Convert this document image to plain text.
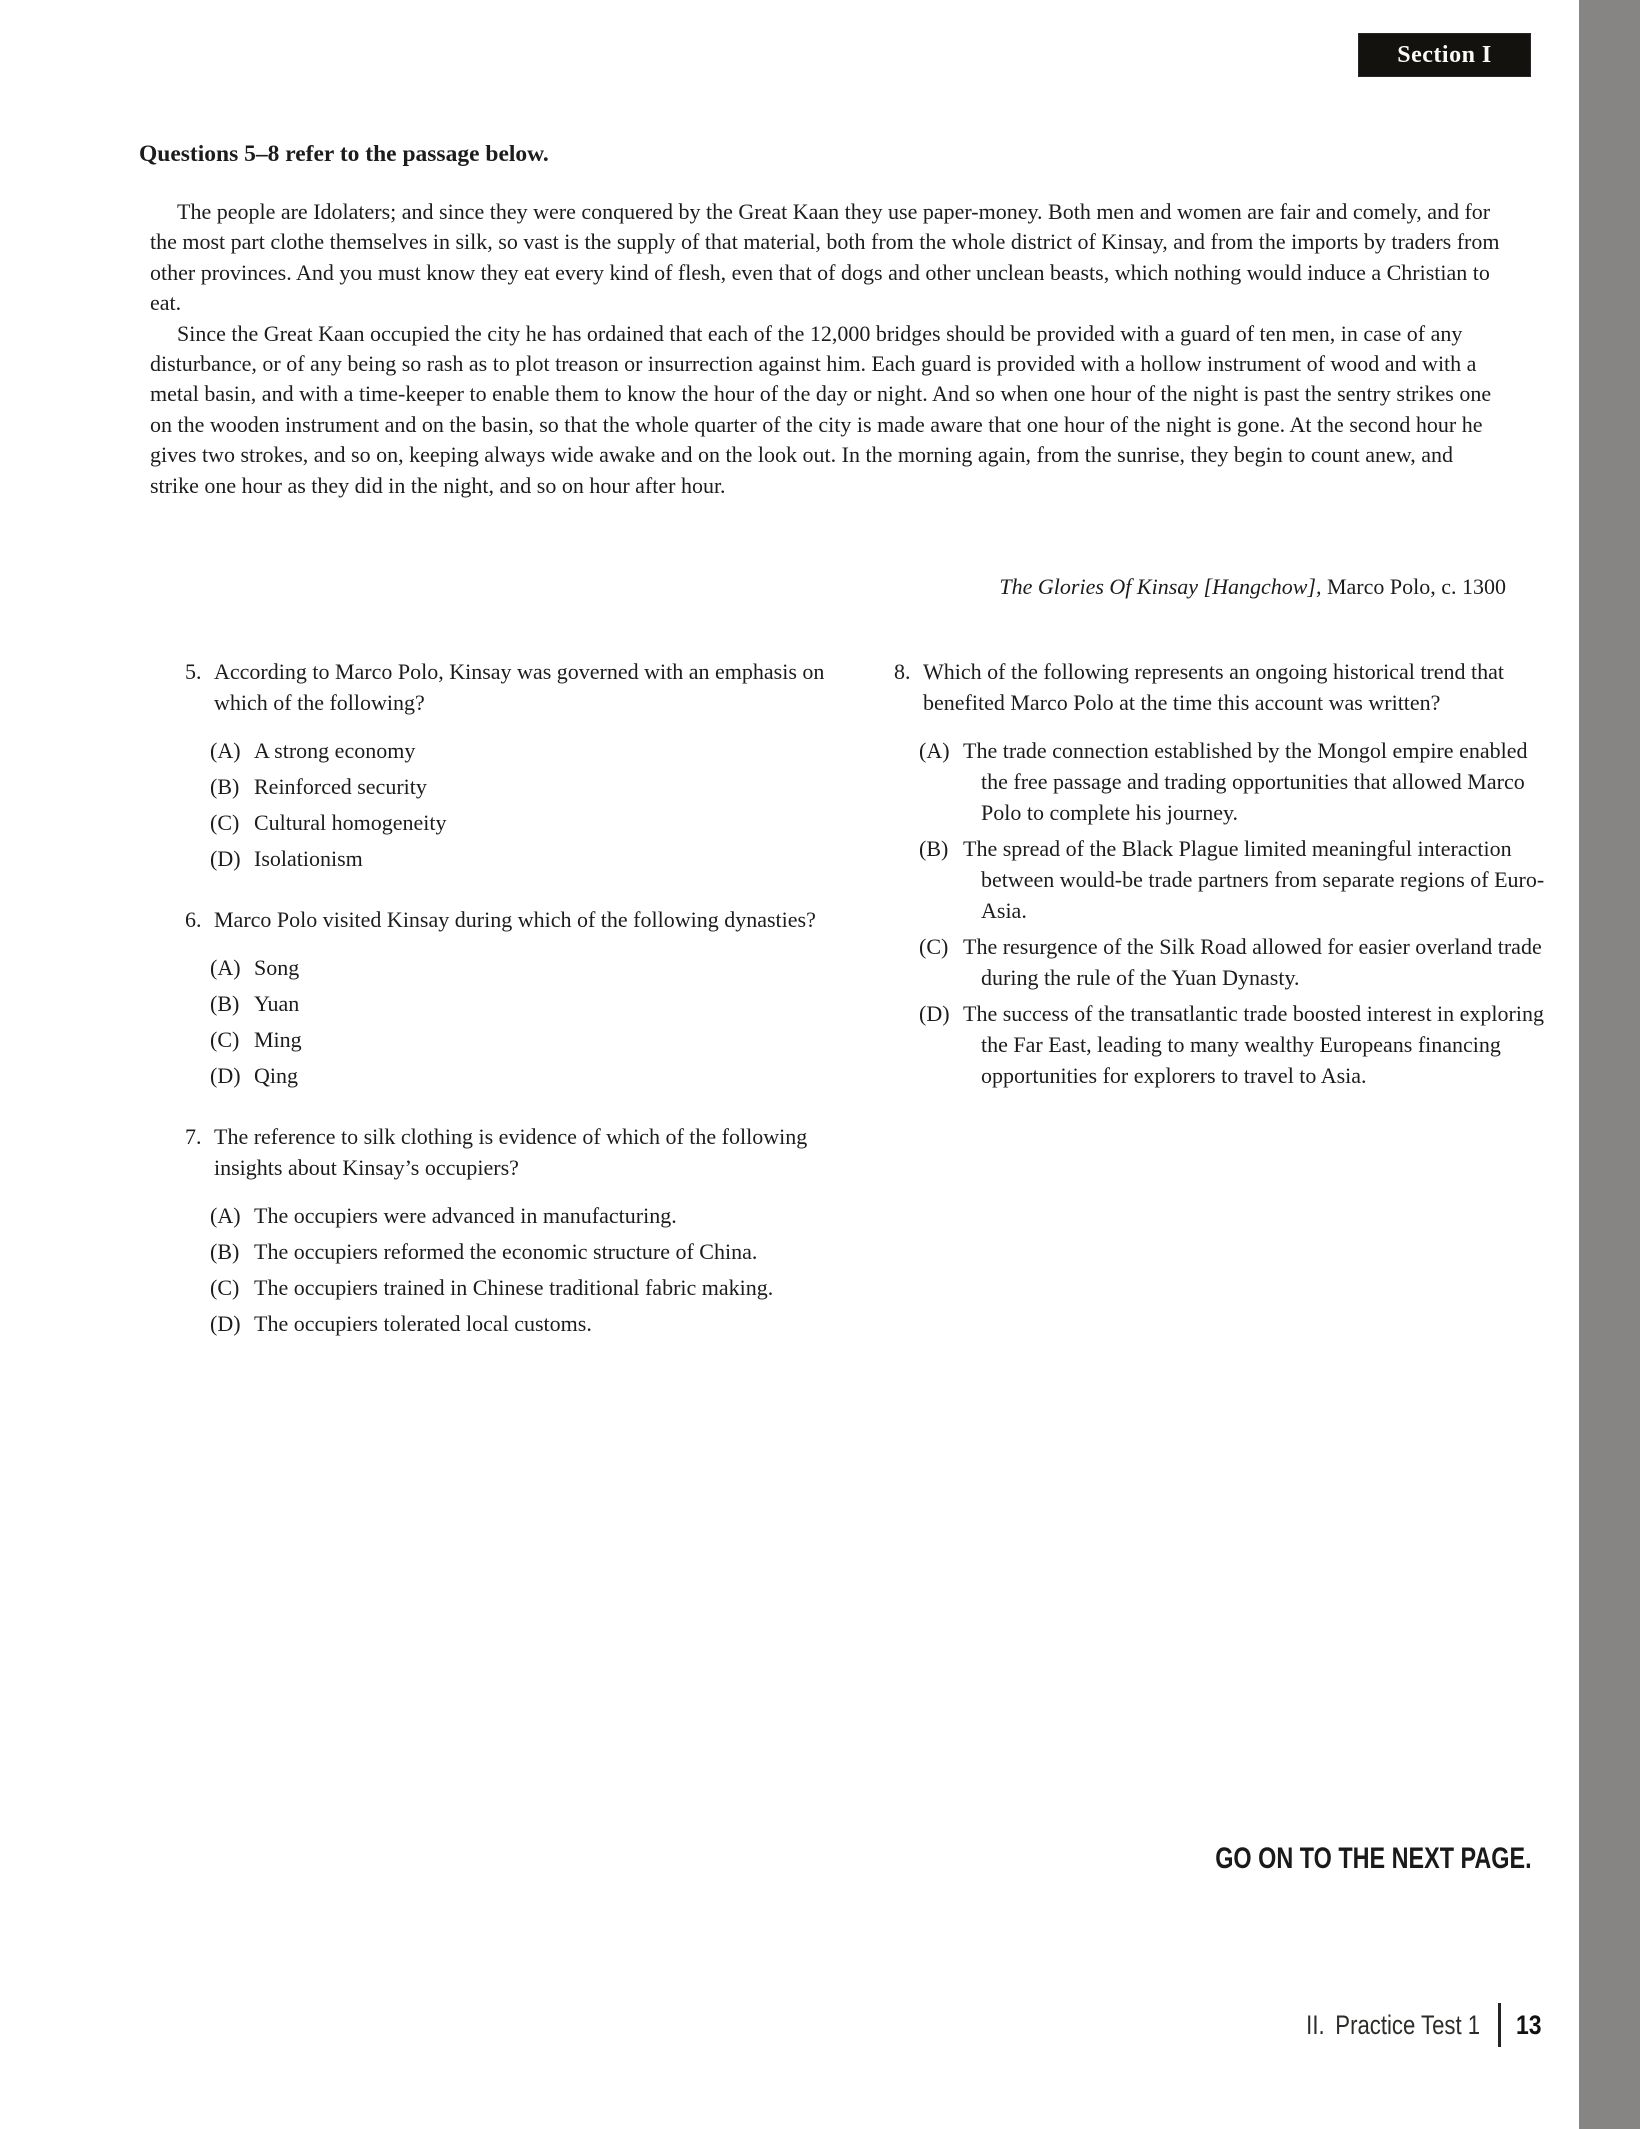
Section I
Questions 5–8 refer to the passage below.

The people are Idolaters; and since they were conquered by the Great Kaan they use paper-money. Both men and women are fair and comely, and for the most part clothe themselves in silk, so vast is the supply of that material, both from the whole district of Kinsay, and from the imports by traders from other provinces. And you must know they eat every kind of flesh, even that of dogs and other unclean beasts, which nothing would induce a Christian to eat.

Since the Great Kaan occupied the city he has ordained that each of the 12,000 bridges should be provided with a guard of ten men, in case of any disturbance, or of any being so rash as to plot treason or insurrection against him. Each guard is provided with a hollow instrument of wood and with a metal basin, and with a time-keeper to enable them to know the hour of the day or night. And so when one hour of the night is past the sentry strikes one on the wooden instrument and on the basin, so that the whole quarter of the city is made aware that one hour of the night is gone. At the second hour he gives two strokes, and so on, keeping always wide awake and on the look out. In the morning again, from the sunrise, they begin to count anew, and strike one hour as they did in the night, and so on hour after hour.

The Glories Of Kinsay [Hangchow], Marco Polo, c. 1300
5. According to Marco Polo, Kinsay was governed with an emphasis on which of the following?
(A) A strong economy
(B) Reinforced security
(C) Cultural homogeneity
(D) Isolationism
6. Marco Polo visited Kinsay during which of the following dynasties?
(A) Song
(B) Yuan
(C) Ming
(D) Qing
7. The reference to silk clothing is evidence of which of the following insights about Kinsay’s occupiers?
(A) The occupiers were advanced in manufacturing.
(B) The occupiers reformed the economic structure of China.
(C) The occupiers trained in Chinese traditional fabric making.
(D) The occupiers tolerated local customs.
8. Which of the following represents an ongoing historical trend that benefited Marco Polo at the time this account was written?
(A) The trade connection established by the Mongol empire enabled the free passage and trading opportunities that allowed Marco Polo to complete his journey.
(B) The spread of the Black Plague limited meaningful interaction between would-be trade partners from separate regions of Euro-Asia.
(C) The resurgence of the Silk Road allowed for easier overland trade during the rule of the Yuan Dynasty.
(D) The success of the transatlantic trade boosted interest in exploring the Far East, leading to many wealthy Europeans financing opportunities for explorers to travel to Asia.
GO ON TO THE NEXT PAGE.
II. Practice Test 1 13
